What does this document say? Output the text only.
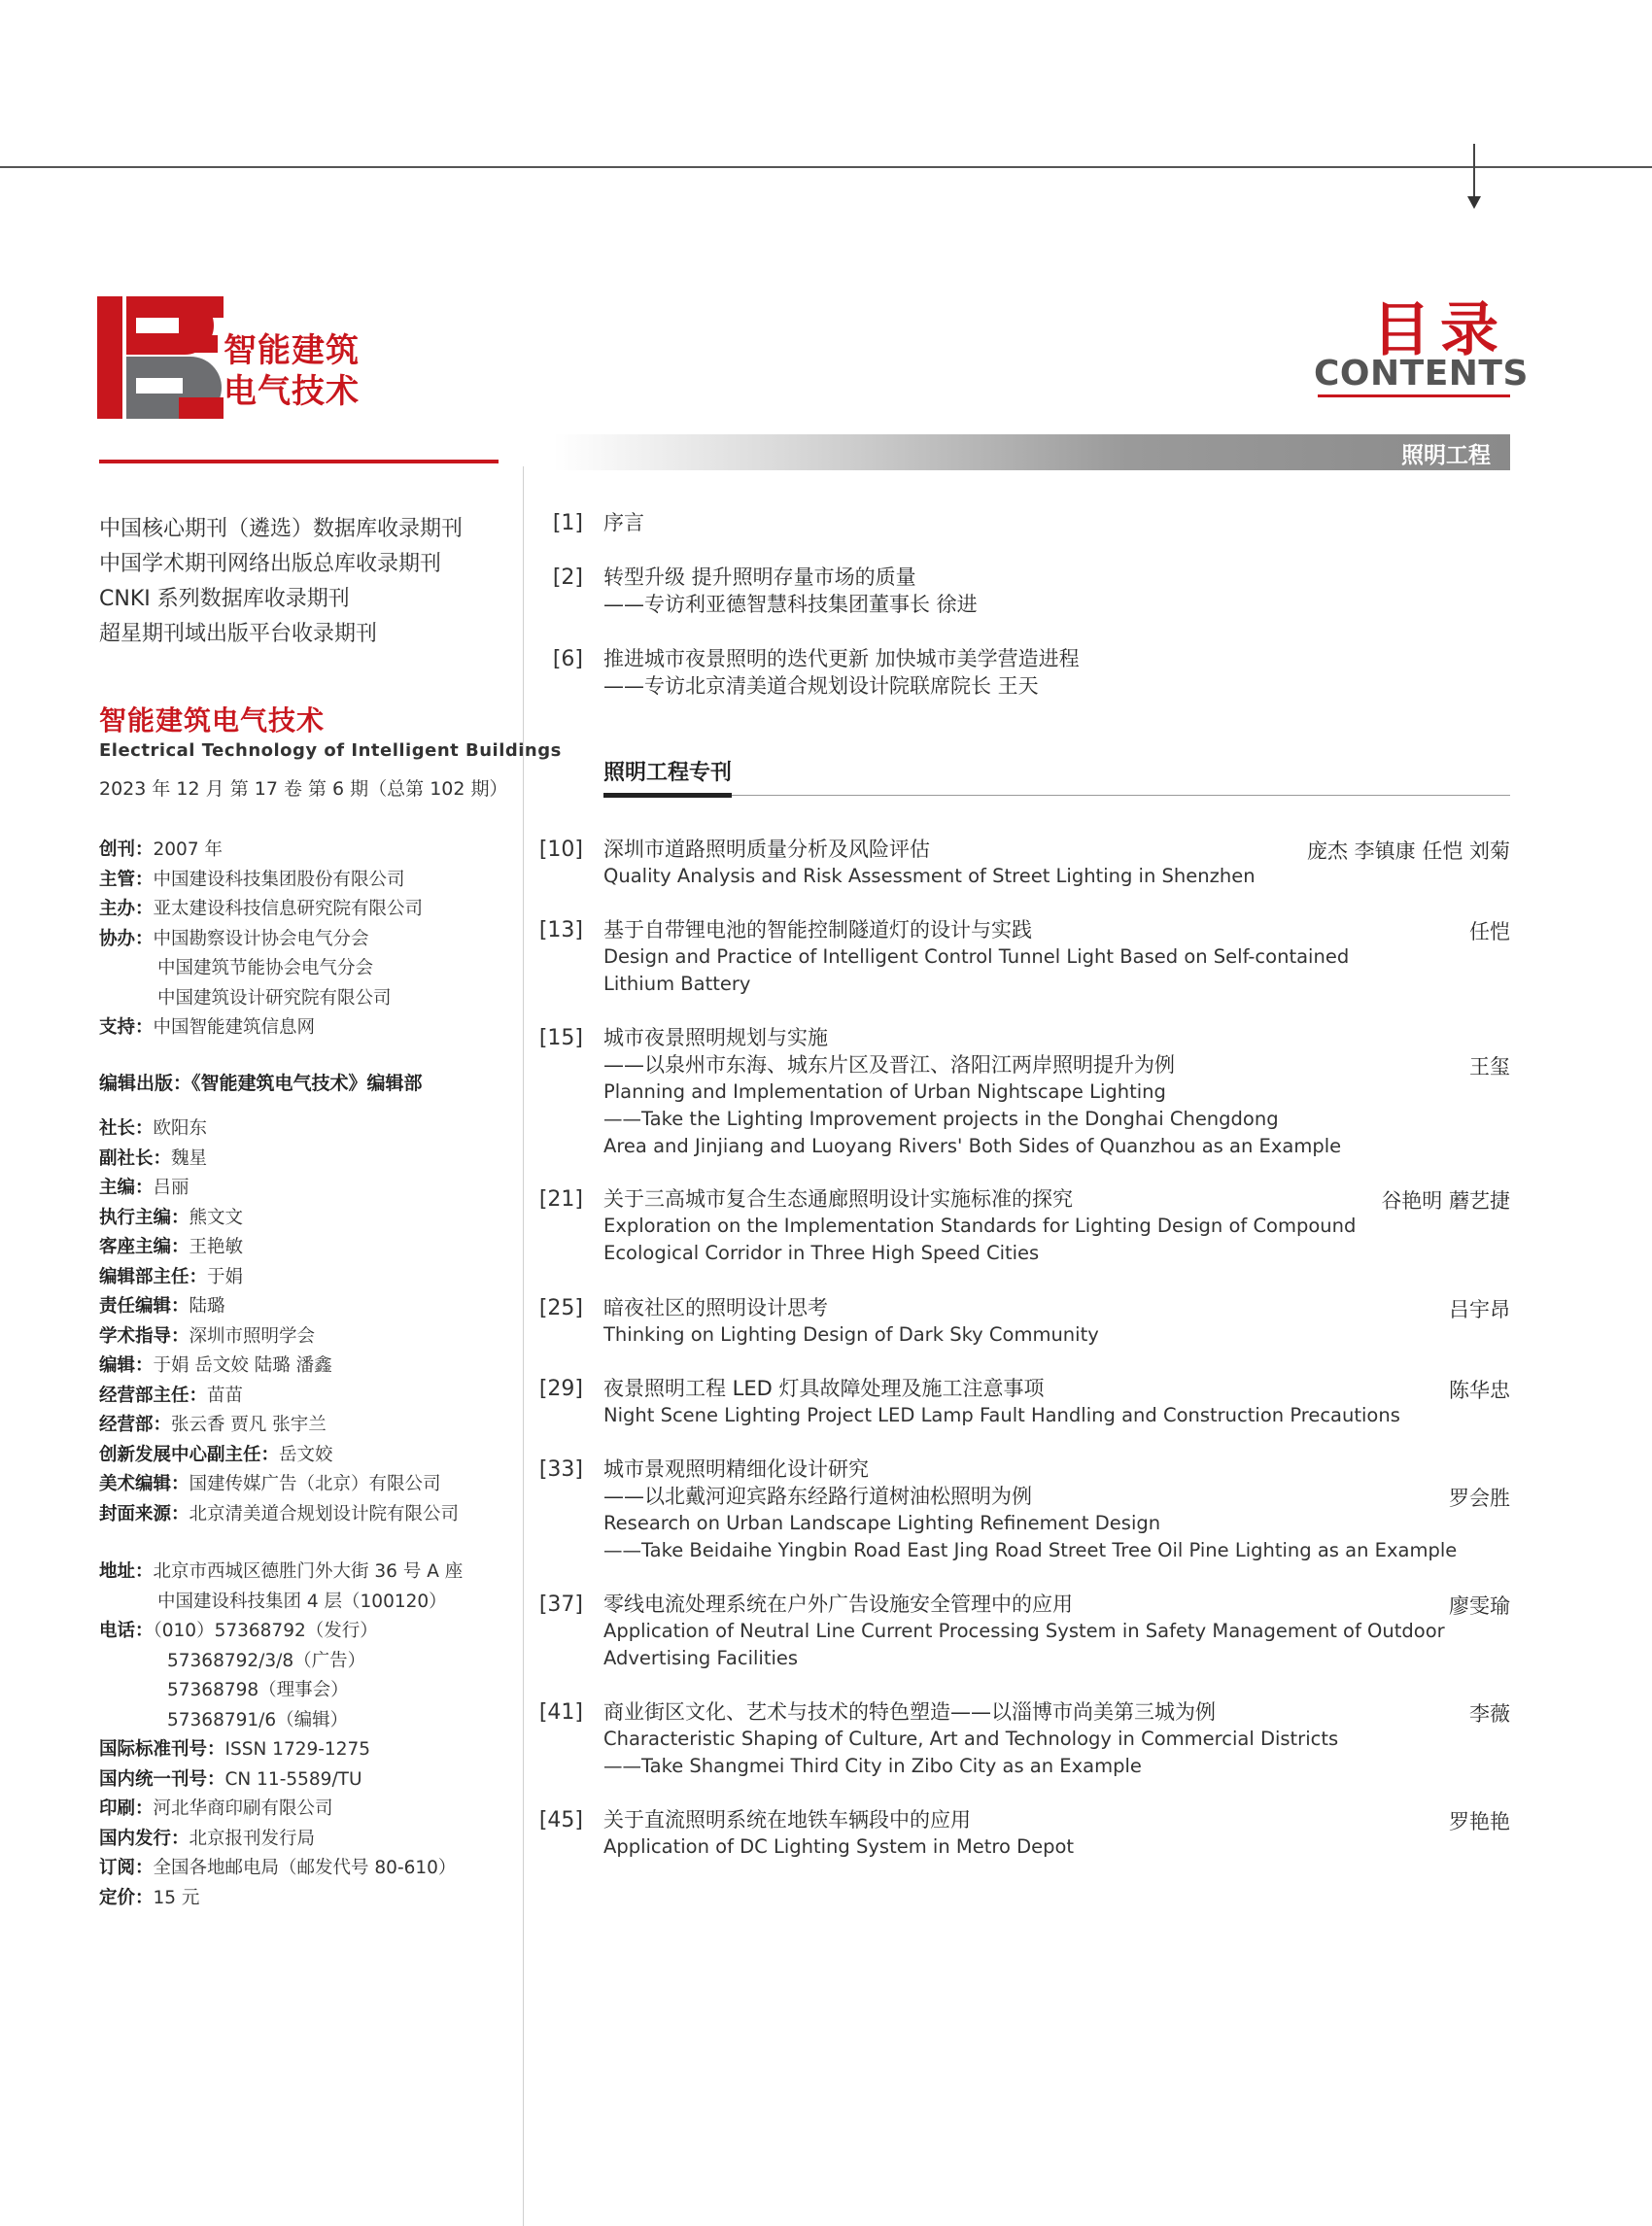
智能建筑
电气技术
中国核心期刊（遴选）数据库收录期刊
中国学术期刊网络出版总库收录期刊
CNKI 系列数据库收录期刊
超星期刊域出版平台收录期刊
智能建筑电气技术
Electrical Technology of Intelligent Buildings
2023 年 12 月 第 17 卷 第 6 期（总第 102 期）
创刊：2007 年
主管：中国建设科技集团股份有限公司
主办：亚太建设科技信息研究院有限公司
协办：中国勘察设计协会电气分会
中国建筑节能协会电气分会
中国建筑设计研究院有限公司
支持：中国智能建筑信息网
编辑出版：《智能建筑电气技术》编辑部
社长：欧阳东
副社长：魏星
主编：吕丽
执行主编：熊文文
客座主编：王艳敏
编辑部主任：于娟
责任编辑：陆璐
学术指导：深圳市照明学会
编辑：于娟 岳文姣 陆璐 潘鑫
经营部主任：苗苗
经营部：张云香 贾凡 张宇兰
创新发展中心副主任：岳文姣
美术编辑：国建传媒广告（北京）有限公司
封面来源：北京清美道合规划设计院有限公司
地址：北京市西城区德胜门外大街 36 号 A 座
中国建设科技集团 4 层（100120）
电话：（010）57368792（发行）
57368792/3/8（广告）
57368798（理事会）
57368791/6（编辑）
国际标准刊号：ISSN 1729-1275
国内统一刊号：CN 11-5589/TU
印刷：河北华商印刷有限公司
国内发行：北京报刊发行局
订阅：全国各地邮电局（邮发代号 80-610）
定价：15 元
目录
CONTENTS
照明工程
[1] 序言
[2] 转型升级 提升照明存量市场的质量
——专访利亚德智慧科技集团董事长 徐进
[6] 推进城市夜景照明的迭代更新 加快城市美学营造进程
——专访北京清美道合规划设计院联席院长 王天
照明工程专刊
[10] 深圳市道路照明质量分析及风险评估
Quality Analysis and Risk Assessment of Street Lighting in Shenzhen
庞杰 李镇康 任恺 刘菊
[13] 基于自带锂电池的智能控制隧道灯的设计与实践
Design and Practice of Intelligent Control Tunnel Light Based on Self-contained
Lithium Battery
任恺
[15] 城市夜景照明规划与实施
——以泉州市东海、城东片区及晋江、洛阳江两岸照明提升为例
Planning and Implementation of Urban Nightscape Lighting
——Take the Lighting Improvement projects in the Donghai Chengdong
Area and Jinjiang and Luoyang Rivers' Both Sides of Quanzhou as an Example
王玺
[21] 关于三高城市复合生态通廊照明设计实施标准的探究
Exploration on the Implementation Standards for Lighting Design of Compound
Ecological Corridor in Three High Speed Cities
谷艳明 蘑艺捷
[25] 暗夜社区的照明设计思考
Thinking on Lighting Design of Dark Sky Community
吕宇昂
[29] 夜景照明工程 LED 灯具故障处理及施工注意事项
Night Scene Lighting Project LED Lamp Fault Handling and Construction Precautions
陈华忠
[33] 城市景观照明精细化设计研究
——以北戴河迎宾路东经路行道树油松照明为例
Research on Urban Landscape Lighting Refinement Design
——Take Beidaihe Yingbin Road East Jing Road Street Tree Oil Pine Lighting as an Example
罗会胜
[37] 零线电流处理系统在户外广告设施安全管理中的应用
Application of Neutral Line Current Processing System in Safety Management of Outdoor
Advertising Facilities
廖雯瑜
[41] 商业街区文化、艺术与技术的特色塑造——以淄博市尚美第三城为例
Characteristic Shaping of Culture, Art and Technology in Commercial Districts
——Take Shangmei Third City in Zibo City as an Example
李薇
[45] 关于直流照明系统在地铁车辆段中的应用
Application of DC Lighting System in Metro Depot
罗艳艳
